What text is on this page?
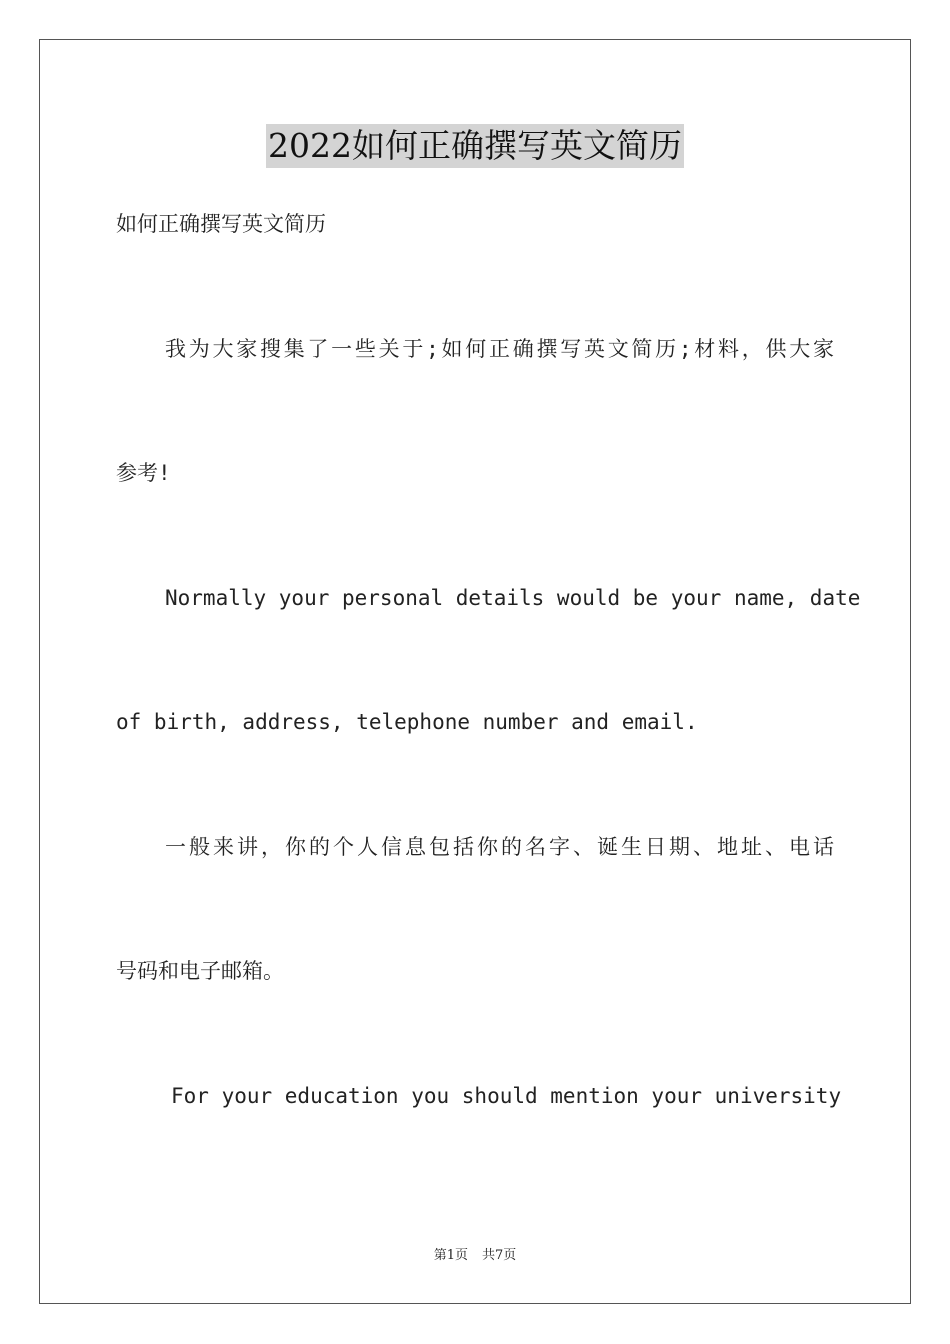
2022如何正确撰写英文简历
如何正确撰写英文简历
我为大家搜集了一些关于;如何正确撰写英文简历;材料，供大家
参考!
Normally your personal details would be your name, date
of birth, address, telephone number and email.
一般来讲，你的个人信息包括你的名字、诞生日期、地址、电话
号码和电子邮箱。
For your education you should mention your university
第1页 共7页
